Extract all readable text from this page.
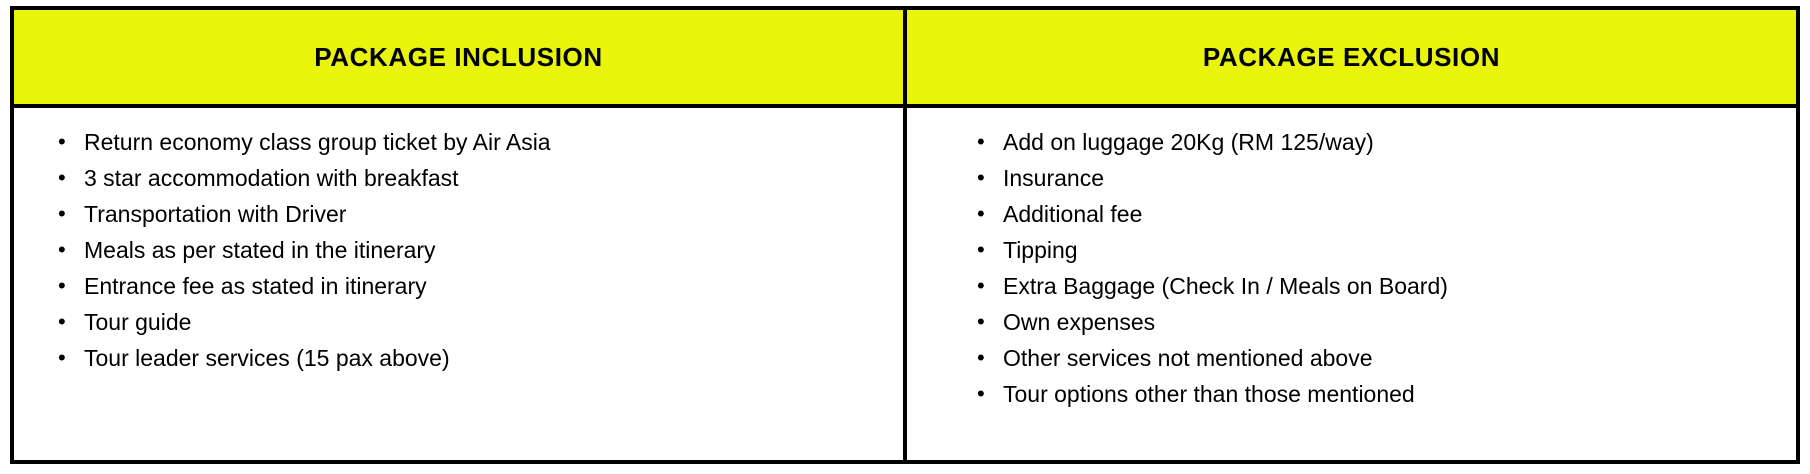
PACKAGE INCLUSION	PACKAGE EXCLUSION

• Return economy class group ticket by Air Asia
• 3 star accommodation with breakfast
• Transportation with Driver
• Meals as per stated in the itinerary
• Entrance fee as stated in itinerary
• Tour guide
• Tour leader services (15 pax above)

• Add on luggage 20Kg (RM 125/way)
• Insurance
• Additional fee
• Tipping
• Extra Baggage (Check In / Meals on Board)
• Own expenses
• Other services not mentioned above
• Tour options other than those mentioned
